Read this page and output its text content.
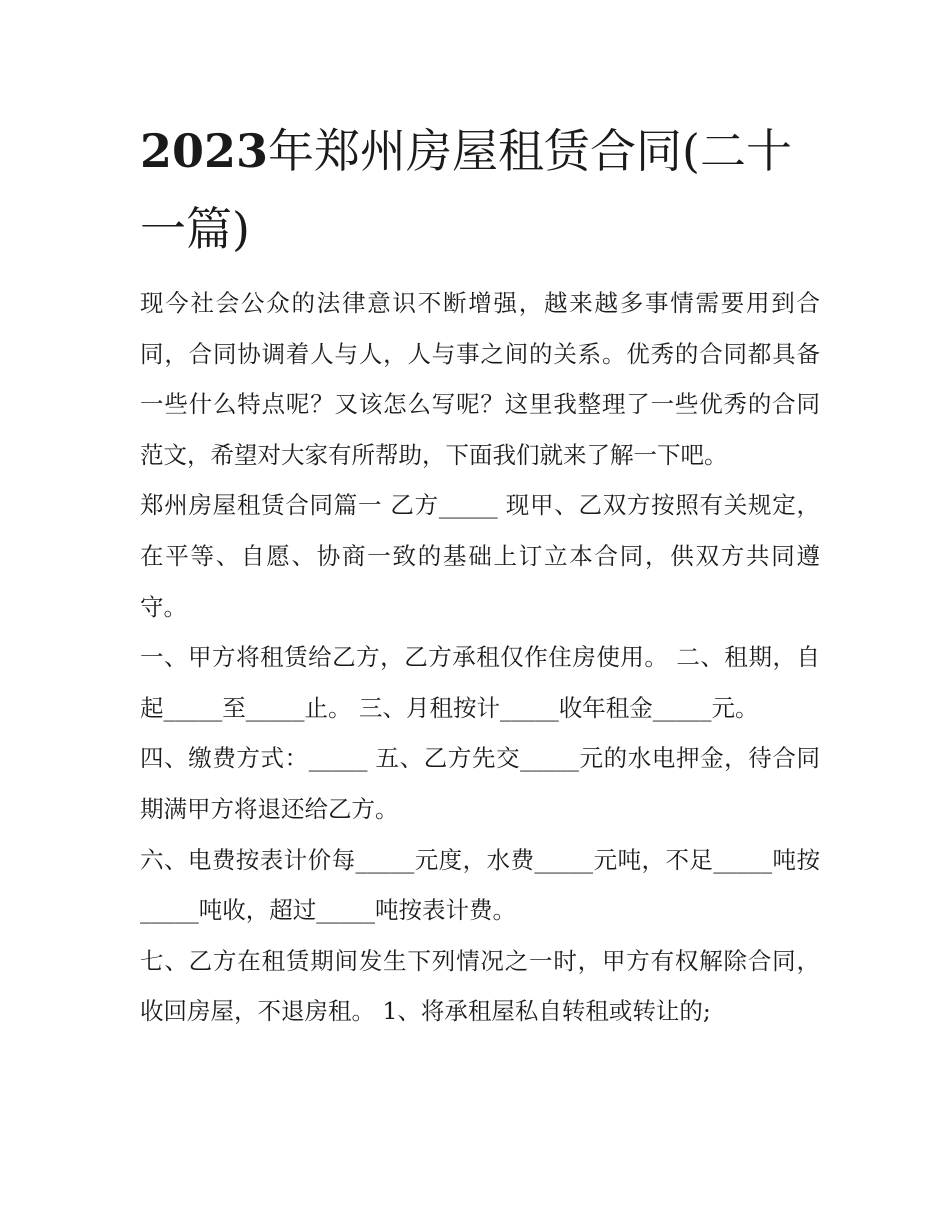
2023年郑州房屋租赁合同(二十一篇)

现今社会公众的法律意识不断增强，越来越多事情需要用到合同，合同协调着人与人，人与事之间的关系。优秀的合同都具备一些什么特点呢？又该怎么写呢？这里我整理了一些优秀的合同范文，希望对大家有所帮助，下面我们就来了解一下吧。

郑州房屋租赁合同篇一 乙方_____ 现甲、乙双方按照有关规定，在平等、自愿、协商一致的基础上订立本合同，供双方共同遵守。

一、甲方将租赁给乙方，乙方承租仅作住房使用。 二、租期，自起_____至_____止。 三、月租按计_____收年租金_____元。

四、缴费方式：_____ 五、乙方先交_____元的水电押金，待合同期满甲方将退还给乙方。

六、电费按表计价每_____元度，水费_____元吨，不足_____吨按_____吨收，超过_____吨按表计费。

七、乙方在租赁期间发生下列情况之一时，甲方有权解除合同，收回房屋，不退房租。 1、将承租屋私自转租或转让的;
